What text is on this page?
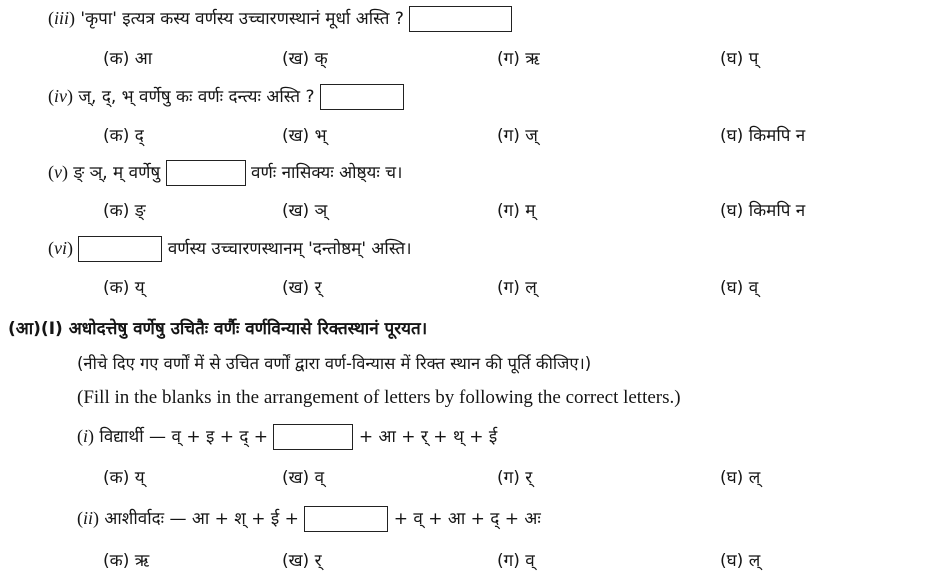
(iii) 'कृपा' इत्यत्र कस्य वर्णस्य उच्चारणस्थानं मूर्धा अस्ति ?
(क) आ	(ख) क्	(ग) ऋ	(घ) प्
(iv) ज्, द्, भ् वर्णेषु कः वर्णः दन्त्यः अस्ति ?
(क) द्	(ख) भ्	(ग) ज्	(घ) किमपि न
(v) ङ् ञ्, म् वर्णेषु	वर्णः नासिक्यः ओष्ठ्यः च।
(क) ङ्	(ख) ञ्	(ग) म्	(घ) किमपि न
(vi)	वर्णस्य उच्चारणस्थानम् 'दन्तोष्ठम्' अस्ति।
(क) य्	(ख) र्	(ग) ल्	(घ) व्
(आ)(I) अधोदत्तेषु वर्णेषु उचितैः वर्णैः वर्णविन्यासे रिक्तस्थानं पूरयत।
(नीचे दिए गए वर्णों में से उचित वर्णों द्वारा वर्ण-विन्यास में रिक्त स्थान की पूर्ति कीजिए।)
(Fill in the blanks in the arrangement of letters by following the correct letters.)
(i) विद्यार्थी — व् + इ + द् +	+ आ + र् + थ् + ई
(क) य्	(ख) व्	(ग) र्	(घ) ल्
(ii) आशीर्वादः — आ + श् + ई +	+ व् + आ + द् + अः
(क) ऋ	(ख) र्	(ग) व्	(घ) ल्
